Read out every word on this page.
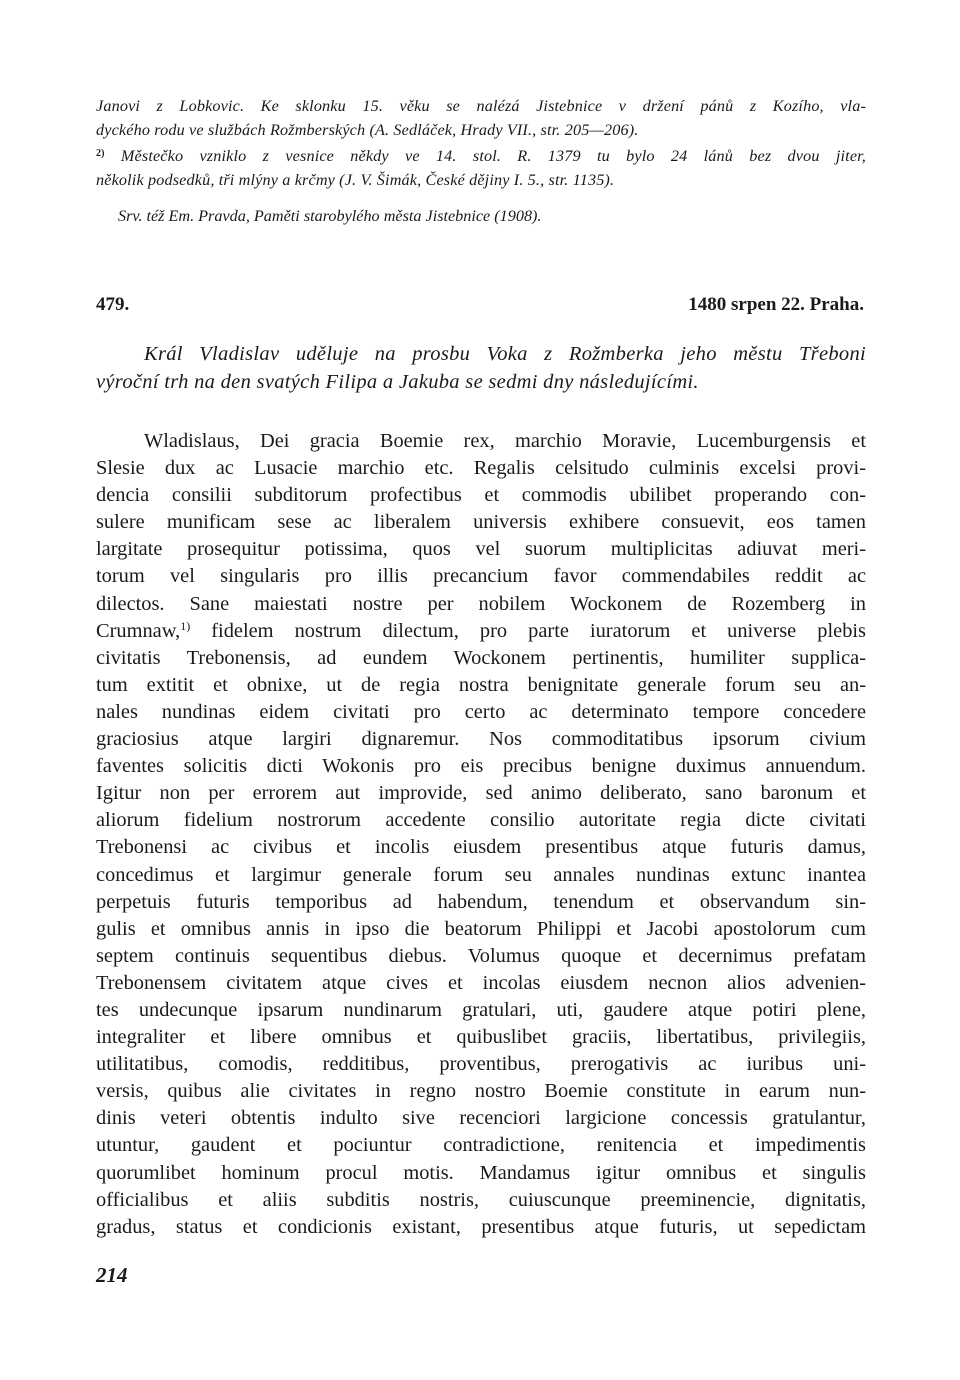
Janovi z Lobkovic. Ke sklonku 15. věku se nalézá Jistebnice v držení pánů z Kozího, vla-
dyckého rodu ve službách Rožmberských (A. Sedláček, Hrady VII., str. 205—206).
$^{2)}$ Městečko vzniklo z vesnice někdy ve 14. stol. R. 1379 tu bylo 24 lánů bez dvou jiter,
několik podsedků, tři mlýny a krčmy (J. V. Šimák, České dějiny I. 5., str. 1135).
Srv. též Em. Pravda, Paměti starobylého města Jistebnice (1908).
479.	1480 srpen 22. Praha.
Král Vladislav uděluje na prosbu Voka z Rožmberka jeho městu Třeboni
výroční trh na den svatých Filipa a Jakuba se sedmi dny následujícími.
Wladislaus, Dei gracia Boemie rex, marchio Moravie, Lucemburgensis et
Slesie dux ac Lusacie marchio etc. Regalis celsitudo culminis excelsi provi-
dencia consilii subditorum profectibus et commodis ubilibet properando con-
sulere munificam sese ac liberalem universis exhibere consuevit, eos tamen
largitate prosequitur potissima, quos vel suorum multiplicitas adiuvat meri-
torum vel singularis pro illis precancium favor commendabiles reddit ac
dilectos. Sane maiestati nostre per nobilem Wockonem de Rozemberg in
Crumnaw,$^{1)}$ fidelem nostrum dilectum, pro parte iuratorum et universe plebis
civitatis Trebonensis, ad eundem Wockonem pertinentis, humiliter supplica-
tum extitit et obnixe, ut de regia nostra benignitate generale forum seu an-
nales nundinas eidem civitati pro certo ac determinato tempore concedere
graciosius atque largiri dignaremur. Nos commoditatibus ipsorum civium
faventes solicitis dicti Wokonis pro eis precibus benigne duximus annuendum.
Igitur non per errorem aut improvide, sed animo deliberato, sano baronum et
aliorum fidelium nostrorum accedente consilio autoritate regia dicte civitati
Trebonensi ac civibus et incolis eiusdem presentibus atque futuris damus,
concedimus et largimur generale forum seu annales nundinas extunc inantea
perpetuis futuris temporibus ad habendum, tenendum et observandum sin-
gulis et omnibus annis in ipso die beatorum Philippi et Jacobi apostolorum cum
septem continuis sequentibus diebus. Volumus quoque et decernimus prefatam
Trebonensem civitatem atque cives et incolas eiusdem necnon alios advenien-
tes undecunque ipsarum nundinarum gratulari, uti, gaudere atque potiri plene,
integraliter et libere omnibus et quibuslibet graciis, libertatibus, privilegiis,
utilitatibus, comodis, redditibus, proventibus, prerogativis ac iuribus uni-
versis, quibus alie civitates in regno nostro Boemie constitute in earum nun-
dinis veteri obtentis indulto sive recenciori largicione concessis gratulantur,
utuntur, gaudent et pociuntur contradictione, renitencia et impedimentis
quorumlibet hominum procul motis. Mandamus igitur omnibus et singulis
officialibus et aliis subditis nostris, cuiuscunque preeminencie, dignitatis,
gradus, status et condicionis existant, presentibus atque futuris, ut sepedictam
214
